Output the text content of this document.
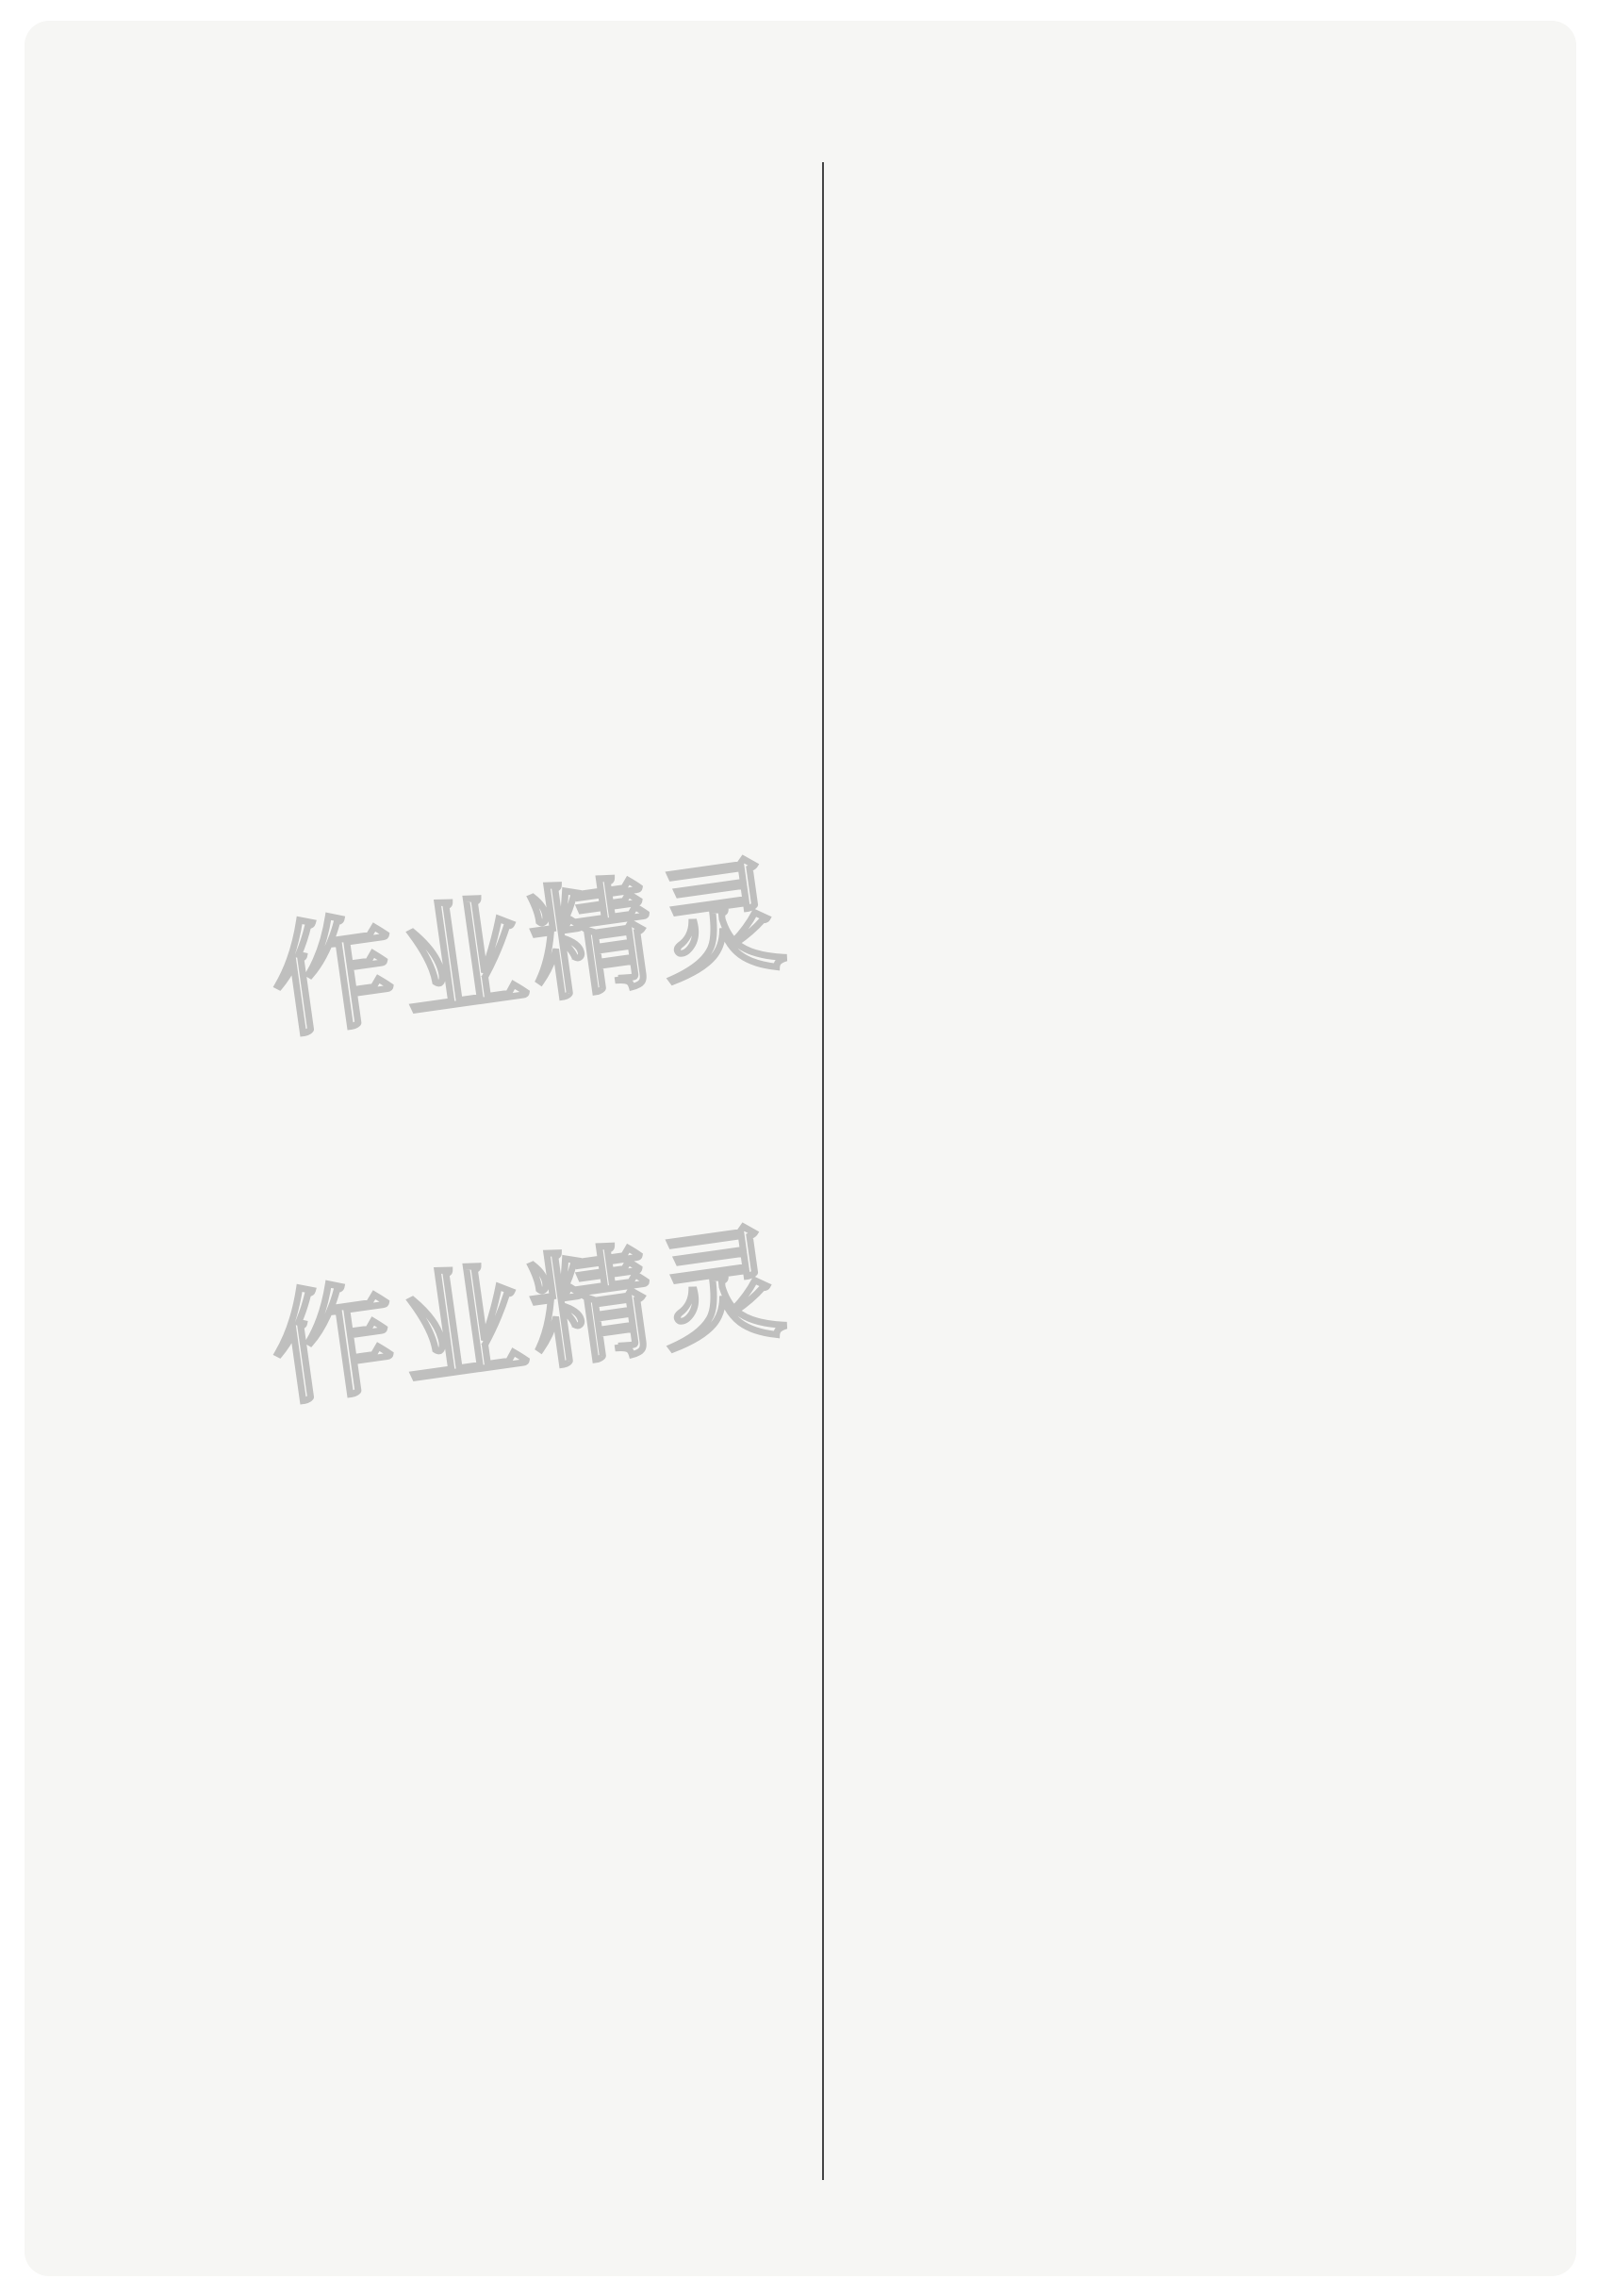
作业精灵
作业精灵
